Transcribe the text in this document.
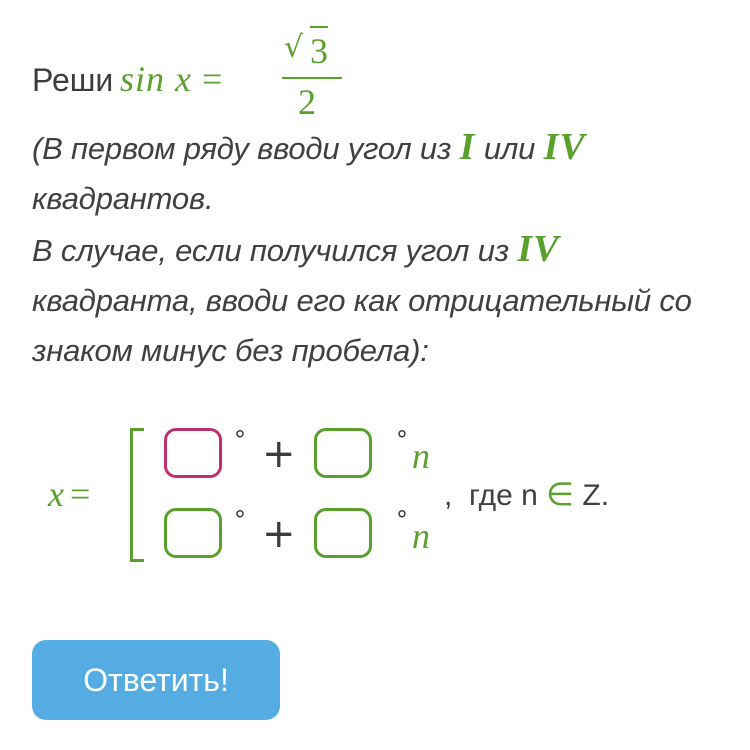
Реши sin x =
√ 3
2
(В первом ряду вводи угол из I или IV
квадрантов.
В случае, если получился угол из IV
квадранта, вводи его как отрицательный со
знаком минус без пробела):
x =
° +	° n
° +	° n
, где n ∈ Z.
Ответить!
